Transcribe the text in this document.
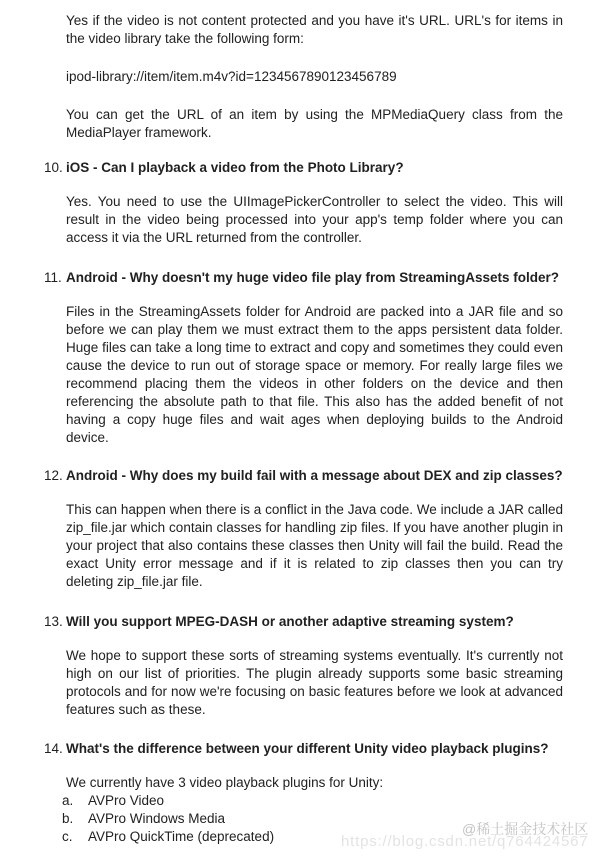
Yes if the video is not content protected and you have it's URL. URL's for items in the video library take the following form:

ipod-library://item/item.m4v?id=1234567890123456789

You can get the URL of an item by using the MPMediaQuery class from the MediaPlayer framework.

10. iOS - Can I playback a video from the Photo Library?

Yes. You need to use the UIImagePickerController to select the video. This will result in the video being processed into your app's temp folder where you can access it via the URL returned from the controller.

11. Android - Why doesn't my huge video file play from StreamingAssets folder?

Files in the StreamingAssets folder for Android are packed into a JAR file and so before we can play them we must extract them to the apps persistent data folder. Huge files can take a long time to extract and copy and sometimes they could even cause the device to run out of storage space or memory. For really large files we recommend placing them the videos in other folders on the device and then referencing the absolute path to that file. This also has the added benefit of not having a copy huge files and wait ages when deploying builds to the Android device.

12. Android - Why does my build fail with a message about DEX and zip classes?

This can happen when there is a conflict in the Java code. We include a JAR called zip_file.jar which contain classes for handling zip files. If you have another plugin in your project that also contains these classes then Unity will fail the build. Read the exact Unity error message and if it is related to zip classes then you can try deleting zip_file.jar file.

13. Will you support MPEG-DASH or another adaptive streaming system?

We hope to support these sorts of streaming systems eventually. It's currently not high on our list of priorities. The plugin already supports some basic streaming protocols and for now we're focusing on basic features before we look at advanced features such as these.

14. What's the difference between your different Unity video playback plugins?

We currently have 3 video playback plugins for Unity:

a.	AVPro Video
b.	AVPro Windows Media
c.	AVPro QuickTime (deprecated)	https://blog.csdn.net/q764424567
@稀土掘金技术社区
